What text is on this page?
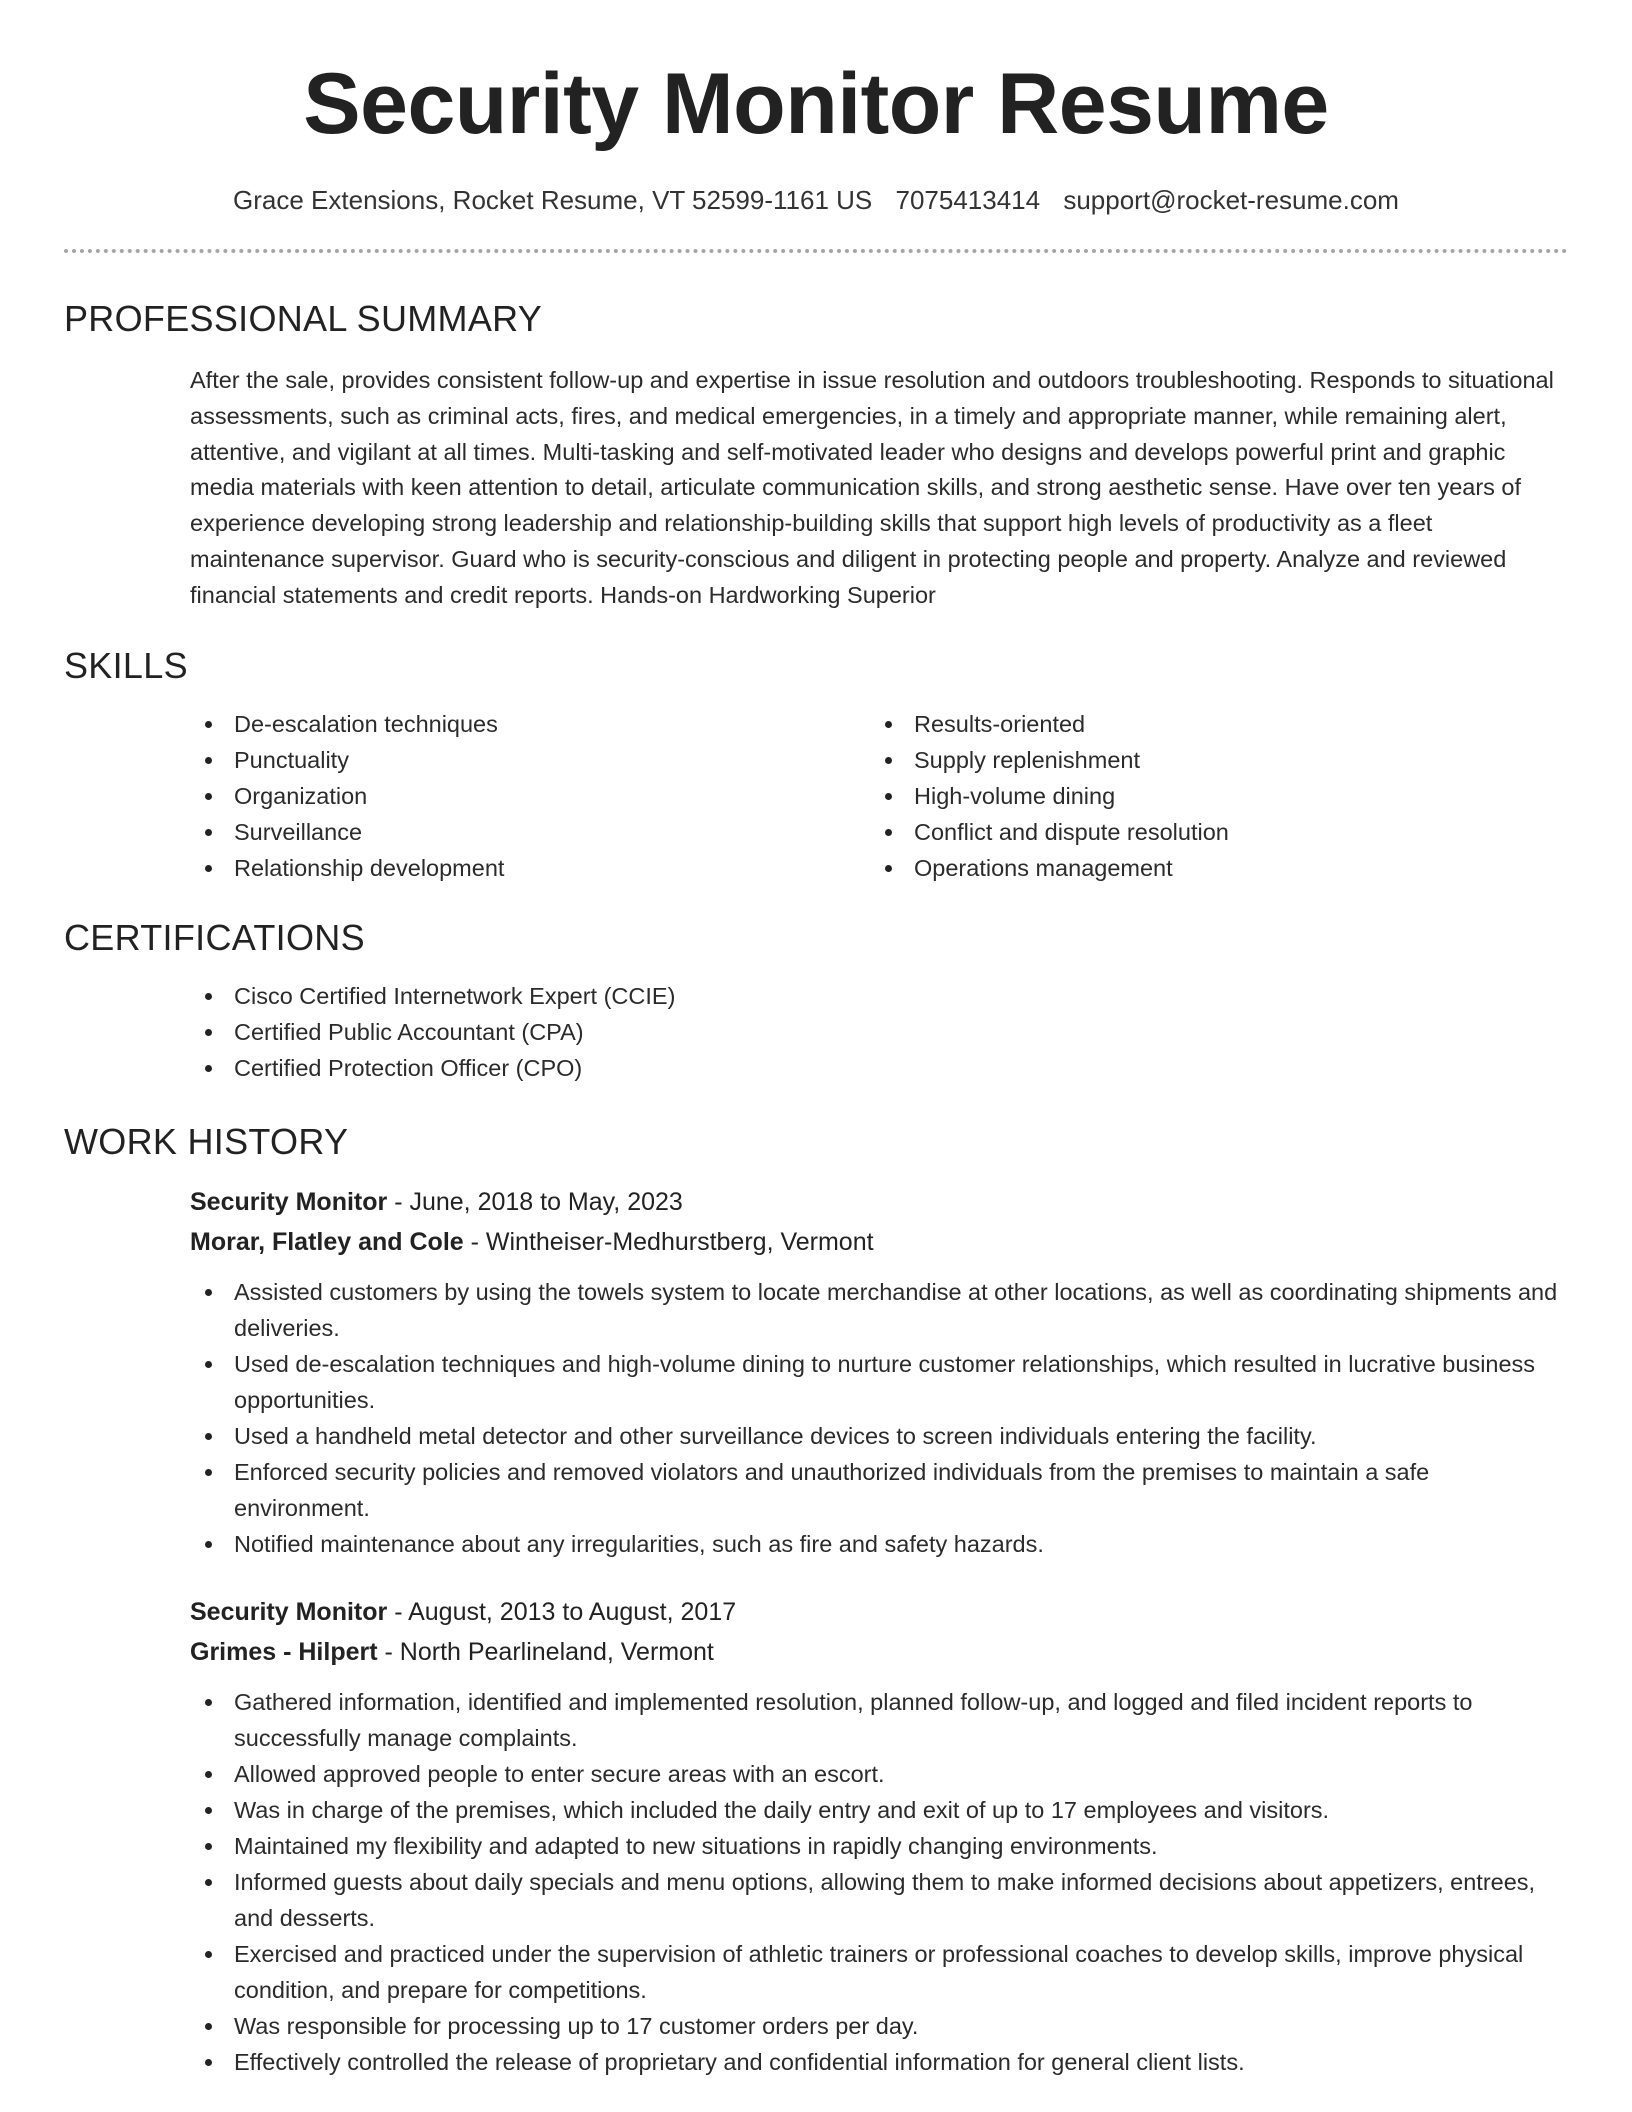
Security Monitor Resume
Grace Extensions, Rocket Resume, VT 52599-1161 US 7075413414 support@rocket-resume.com
PROFESSIONAL SUMMARY

After the sale, provides consistent follow-up and expertise in issue resolution and outdoors troubleshooting. Responds to situational assessments, such as criminal acts, fires, and medical emergencies, in a timely and appropriate manner, while remaining alert, attentive, and vigilant at all times. Multi-tasking and self-motivated leader who designs and develops powerful print and graphic media materials with keen attention to detail, articulate communication skills, and strong aesthetic sense. Have over ten years of experience developing strong leadership and relationship-building skills that support high levels of productivity as a fleet maintenance supervisor. Guard who is security-conscious and diligent in protecting people and property. Analyze and reviewed financial statements and credit reports. Hands-on Hardworking Superior

SKILLS
De-escalation techniques
Punctuality
Organization
Surveillance
Relationship development
Results-oriented
Supply replenishment
High-volume dining
Conflict and dispute resolution
Operations management
CERTIFICATIONS
Cisco Certified Internetwork Expert (CCIE)
Certified Public Accountant (CPA)
Certified Protection Officer (CPO)
WORK HISTORY
Security Monitor - June, 2018 to May, 2023
Morar, Flatley and Cole - Wintheiser-Medhurstberg, Vermont
Assisted customers by using the towels system to locate merchandise at other locations, as well as coordinating shipments and deliveries.
Used de-escalation techniques and high-volume dining to nurture customer relationships, which resulted in lucrative business opportunities.
Used a handheld metal detector and other surveillance devices to screen individuals entering the facility.
Enforced security policies and removed violators and unauthorized individuals from the premises to maintain a safe environment.
Notified maintenance about any irregularities, such as fire and safety hazards.
Security Monitor - August, 2013 to August, 2017
Grimes - Hilpert - North Pearlineland, Vermont
Gathered information, identified and implemented resolution, planned follow-up, and logged and filed incident reports to successfully manage complaints.
Allowed approved people to enter secure areas with an escort.
Was in charge of the premises, which included the daily entry and exit of up to 17 employees and visitors.
Maintained my flexibility and adapted to new situations in rapidly changing environments.
Informed guests about daily specials and menu options, allowing them to make informed decisions about appetizers, entrees, and desserts.
Exercised and practiced under the supervision of athletic trainers or professional coaches to develop skills, improve physical condition, and prepare for competitions.
Was responsible for processing up to 17 customer orders per day.
Effectively controlled the release of proprietary and confidential information for general client lists.
